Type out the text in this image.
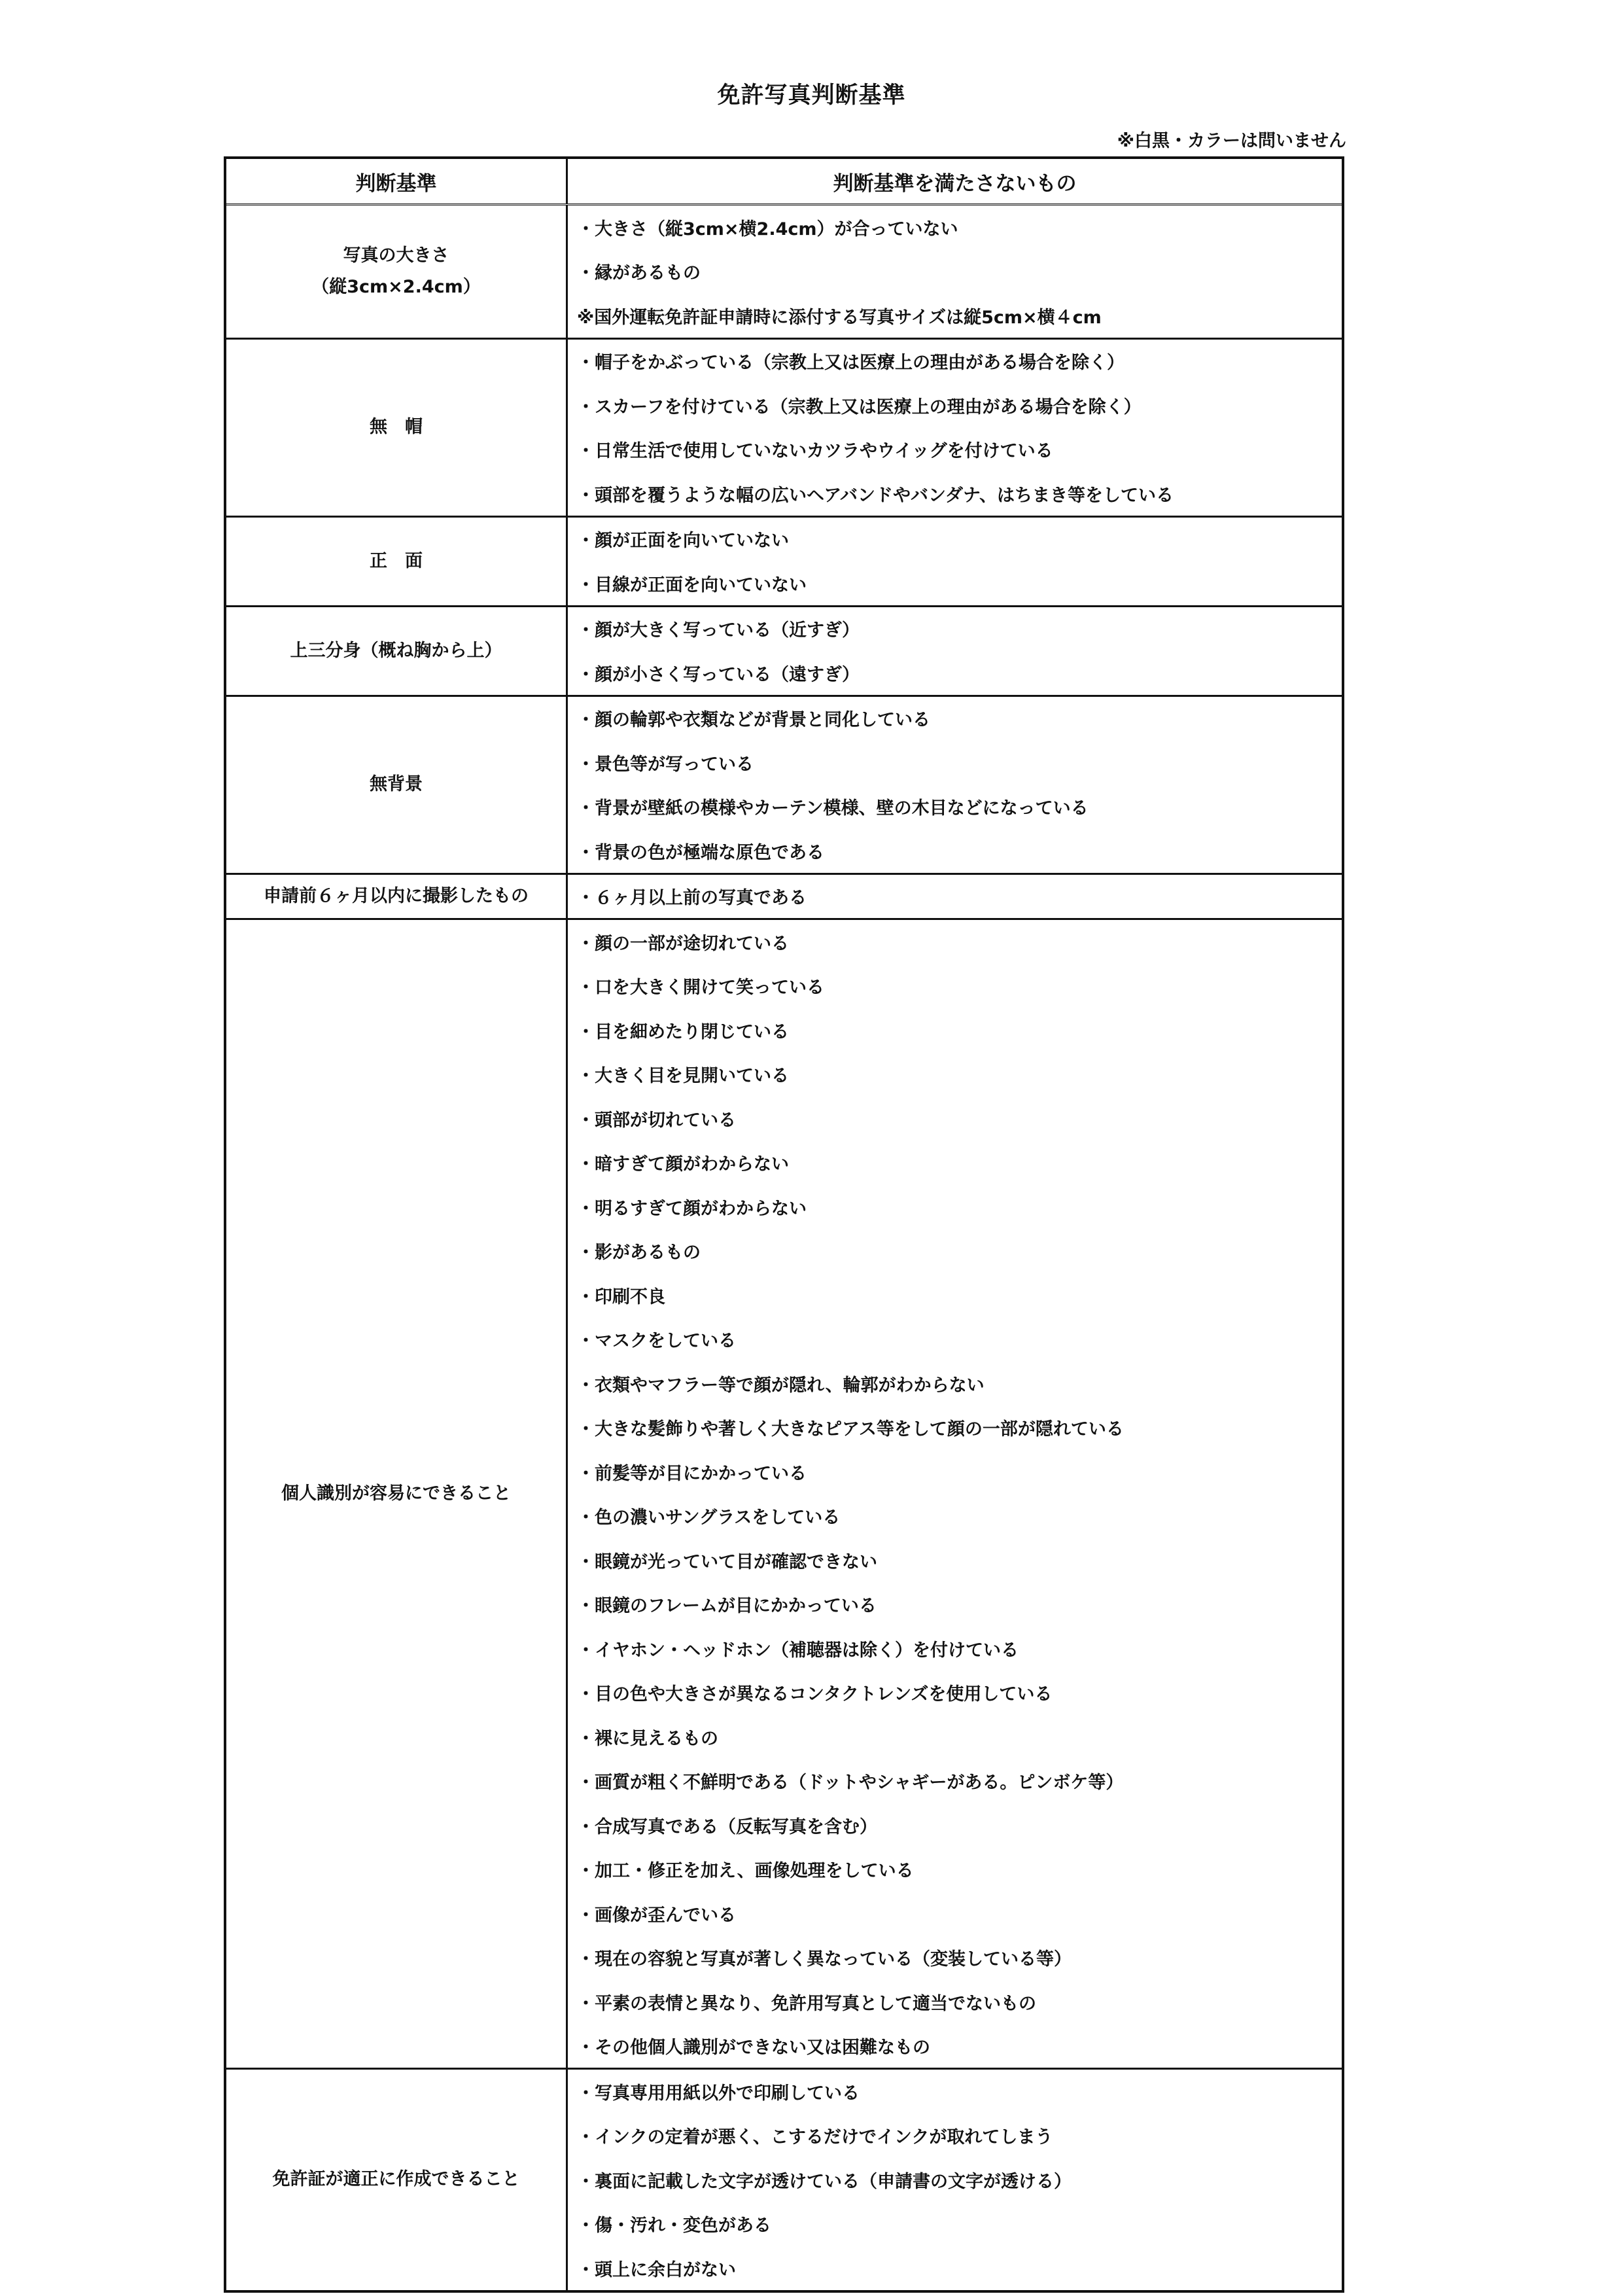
免許写真判断基準
※白黒・カラーは問いません
判断基準	判断基準を満たさないもの
写真の大きさ
（縦3cm×2.4cm）
・大きさ（縦3cm×横2.4cm）が合っていない
・縁があるもの
※国外運転免許証申請時に添付する写真サイズは縦5cm×横４cm
無　帽
・帽子をかぶっている（宗教上又は医療上の理由がある場合を除く）
・スカーフを付けている（宗教上又は医療上の理由がある場合を除く）
・日常生活で使用していないカツラやウイッグを付けている
・頭部を覆うような幅の広いヘアバンドやバンダナ、はちまき等をしている
正　面
・顔が正面を向いていない
・目線が正面を向いていない
上三分身（概ね胸から上）
・顔が大きく写っている（近すぎ）
・顔が小さく写っている（遠すぎ）
無背景
・顔の輪郭や衣類などが背景と同化している
・景色等が写っている
・背景が壁紙の模様やカーテン模様、壁の木目などになっている
・背景の色が極端な原色である
申請前６ヶ月以内に撮影したもの	・６ヶ月以上前の写真である
個人識別が容易にできること
・顔の一部が途切れている
・口を大きく開けて笑っている
・目を細めたり閉じている
・大きく目を見開いている
・頭部が切れている
・暗すぎて顔がわからない
・明るすぎて顔がわからない
・影があるもの
・印刷不良
・マスクをしている
・衣類やマフラー等で顔が隠れ、輪郭がわからない
・大きな髪飾りや著しく大きなピアス等をして顔の一部が隠れている
・前髪等が目にかかっている
・色の濃いサングラスをしている
・眼鏡が光っていて目が確認できない
・眼鏡のフレームが目にかかっている
・イヤホン・ヘッドホン（補聴器は除く）を付けている
・目の色や大きさが異なるコンタクトレンズを使用している
・裸に見えるもの
・画質が粗く不鮮明である（ドットやシャギーがある。ピンボケ等）
・合成写真である（反転写真を含む）
・加工・修正を加え、画像処理をしている
・画像が歪んでいる
・現在の容貌と写真が著しく異なっている（変装している等）
・平素の表情と異なり、免許用写真として適当でないもの
・その他個人識別ができない又は困難なもの
免許証が適正に作成できること
・写真専用用紙以外で印刷している
・インクの定着が悪く、こするだけでインクが取れてしまう
・裏面に記載した文字が透けている（申請書の文字が透ける）
・傷・汚れ・変色がある
・頭上に余白がない
